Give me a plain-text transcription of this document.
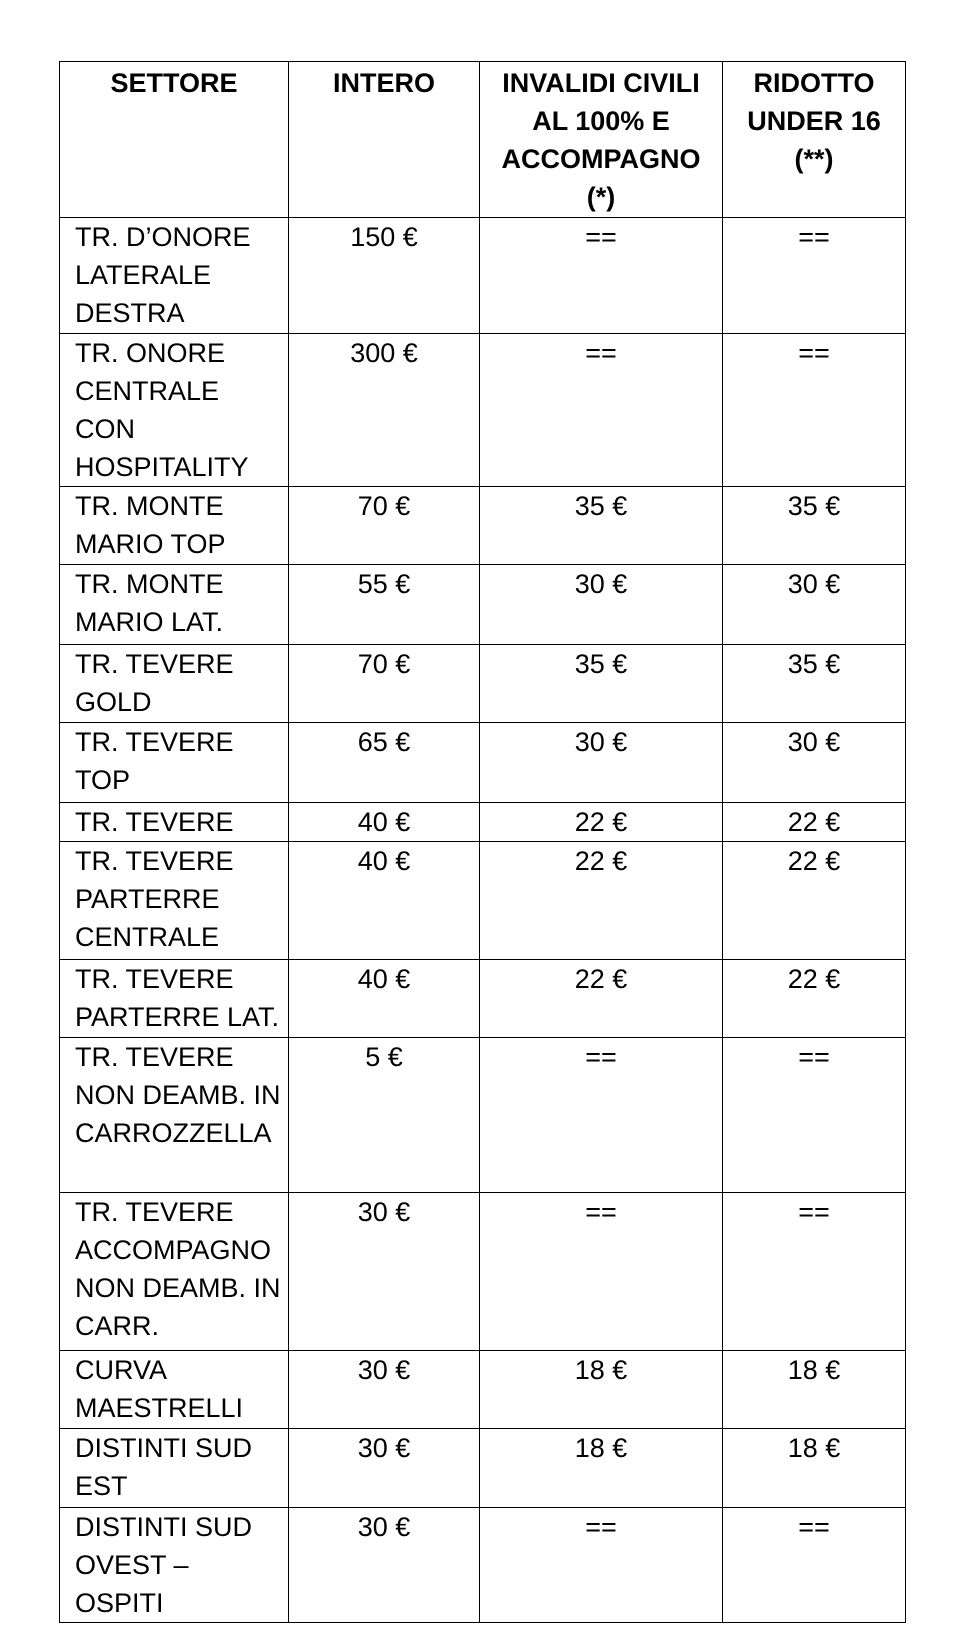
SETTORE	INTERO	INVALIDI CIVILI AL 100% E ACCOMPAGNO (*)	RIDOTTO UNDER 16 (**)
TR. D’ONORE LATERALE DESTRA	150 €	==	==
TR. ONORE CENTRALE CON HOSPITALITY	300 €	==	==
TR. MONTE MARIO TOP	70 €	35 €	35 €
TR. MONTE MARIO LAT.	55 €	30 €	30 €
TR. TEVERE GOLD	70 €	35 €	35 €
TR. TEVERE TOP	65 €	30 €	30 €
TR. TEVERE	40 €	22 €	22 €
TR. TEVERE PARTERRE CENTRALE	40 €	22 €	22 €
TR. TEVERE PARTERRE LAT.	40 €	22 €	22 €
TR. TEVERE NON DEAMB. IN CARROZZELLA	5 €	==	==
TR. TEVERE ACCOMPAGNO NON DEAMB. IN CARR.	30 €	==	==
CURVA MAESTRELLI	30 €	18 €	18 €
DISTINTI SUD EST	30 €	18 €	18 €
DISTINTI SUD OVEST – OSPITI	30 €	==	==
